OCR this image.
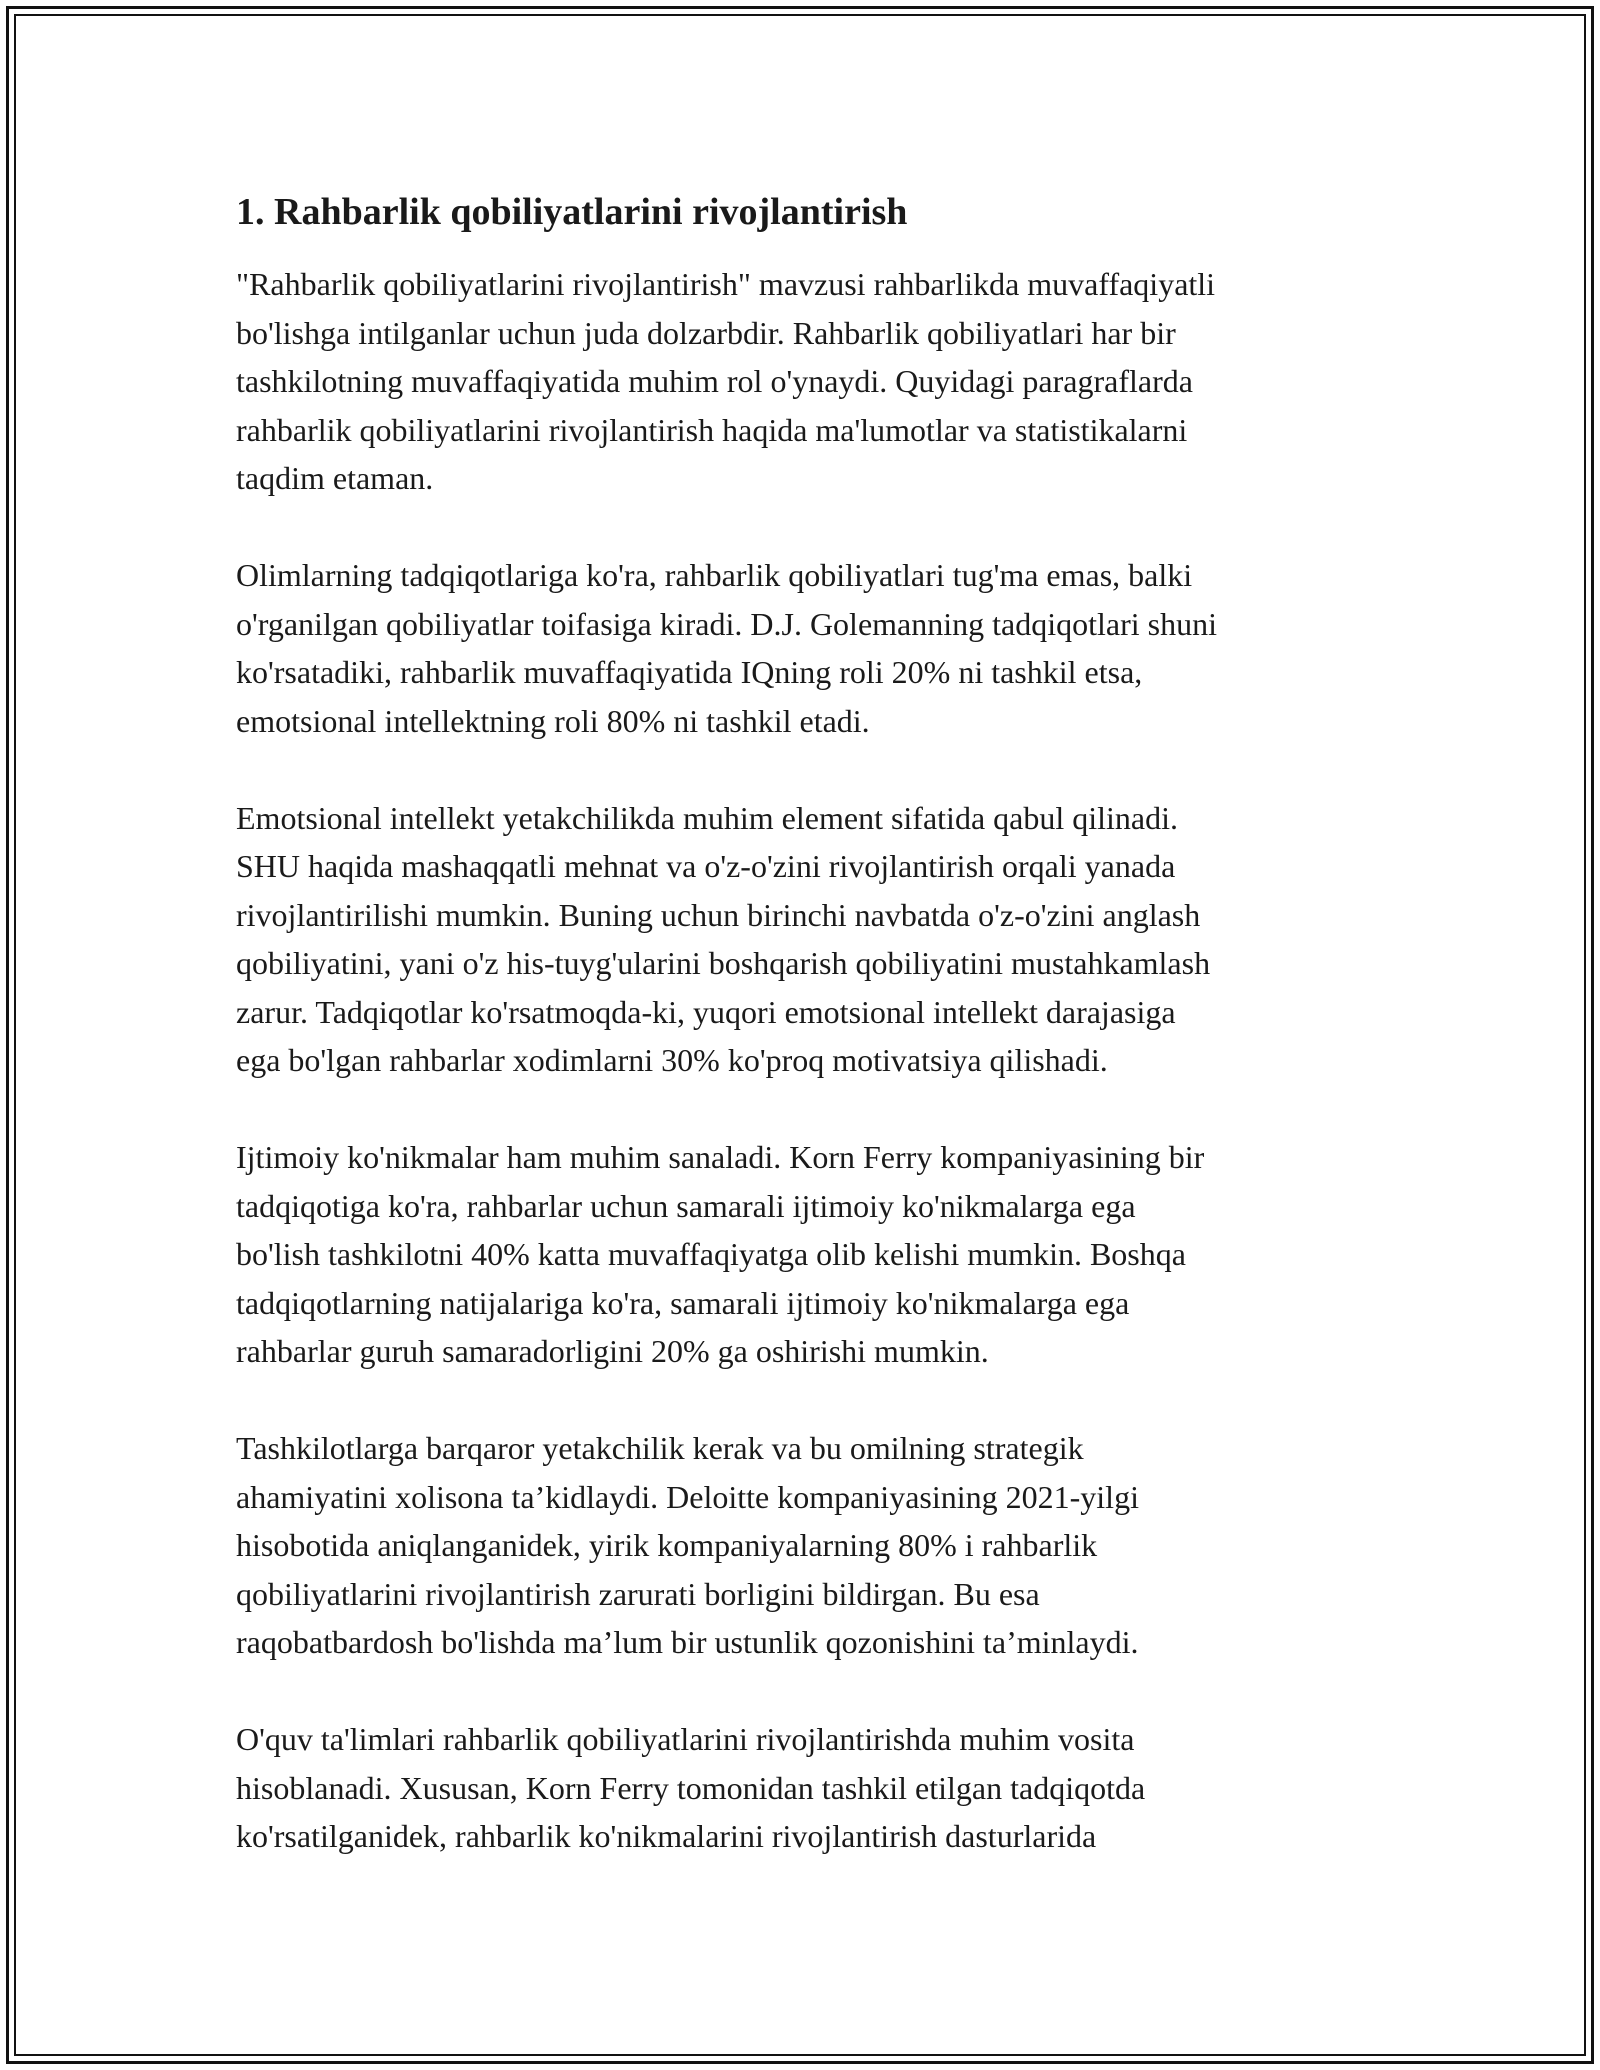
1. Rahbarlik qobiliyatlarini rivojlantirish

"Rahbarlik qobiliyatlarini rivojlantirish" mavzusi rahbarlikda muvaffaqiyatli
bo'lishga intilganlar uchun juda dolzarbdir. Rahbarlik qobiliyatlari har bir
tashkilotning muvaffaqiyatida muhim rol o'ynaydi. Quyidagi paragraflarda
rahbarlik qobiliyatlarini rivojlantirish haqida ma'lumotlar va statistikalarni
taqdim etaman.

Olimlarning tadqiqotlariga ko'ra, rahbarlik qobiliyatlari tug'ma emas, balki
o'rganilgan qobiliyatlar toifasiga kiradi. D.J. Golemanning tadqiqotlari shuni
ko'rsatadiki, rahbarlik muvaffaqiyatida IQning roli 20% ni tashkil etsa,
emotsional intellektning roli 80% ni tashkil etadi.

Emotsional intellekt yetakchilikda muhim element sifatida qabul qilinadi.
SHU haqida mashaqqatli mehnat va o'z-o'zini rivojlantirish orqali yanada
rivojlantirilishi mumkin. Buning uchun birinchi navbatda o'z-o'zini anglash
qobiliyatini, yani o'z his-tuyg'ularini boshqarish qobiliyatini mustahkamlash
zarur. Tadqiqotlar ko'rsatmoqda-ki, yuqori emotsional intellekt darajasiga
ega bo'lgan rahbarlar xodimlarni 30% ko'proq motivatsiya qilishadi.

Ijtimoiy ko'nikmalar ham muhim sanaladi. Korn Ferry kompaniyasining bir
tadqiqotiga ko'ra, rahbarlar uchun samarali ijtimoiy ko'nikmalarga ega
bo'lish tashkilotni 40% katta muvaffaqiyatga olib kelishi mumkin. Boshqa
tadqiqotlarning natijalariga ko'ra, samarali ijtimoiy ko'nikmalarga ega
rahbarlar guruh samaradorligini 20% ga oshirishi mumkin.

Tashkilotlarga barqaror yetakchilik kerak va bu omilning strategik
ahamiyatini xolisona ta’kidlaydi. Deloitte kompaniyasining 2021-yilgi
hisobotida aniqlanganidek, yirik kompaniyalarning 80% i rahbarlik
qobiliyatlarini rivojlantirish zarurati borligini bildirgan. Bu esa
raqobatbardosh bo'lishda ma’lum bir ustunlik qozonishini ta’minlaydi.

O'quv ta'limlari rahbarlik qobiliyatlarini rivojlantirishda muhim vosita
hisoblanadi. Xususan, Korn Ferry tomonidan tashkil etilgan tadqiqotda
ko'rsatilganidek, rahbarlik ko'nikmalarini rivojlantirish dasturlarida
